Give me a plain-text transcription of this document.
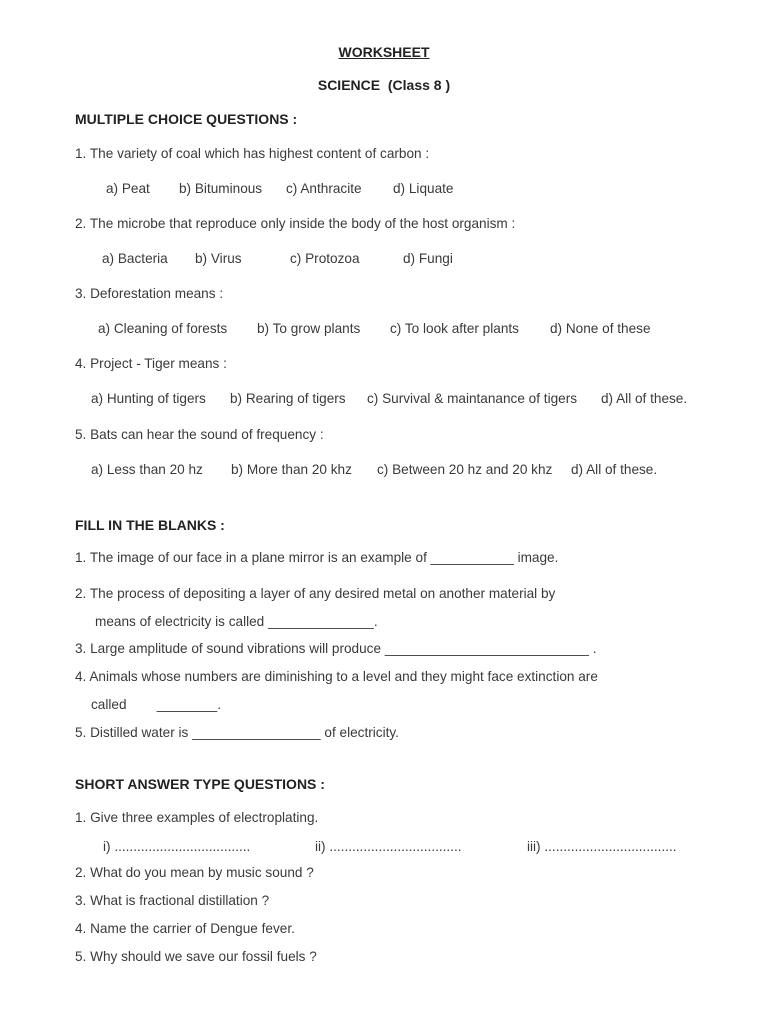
WORKSHEET
SCIENCE  (Class 8 )
MULTIPLE CHOICE QUESTIONS :
1. The variety of coal which has highest content of carbon :
a) Peat b) Bituminous c) Anthracite d) Liquate
2. The microbe that reproduce only inside the body of the host organism :
a) Bacteria b) Virus	c) Protozoa	d) Fungi
3. Deforestation means :
a) Cleaning of forests b) To grow plants c) To look after plants d) None of these
4. Project - Tiger means :
a) Hunting of tigers b) Rearing of tigers c) Survival & maintanance of tigers d) All of these.
5. Bats can hear the sound of frequency :
a) Less than 20 hz b) More than 20 khz c) Between 20 hz and 20 khz d) All of these.
FILL IN THE BLANKS :
1. The image of our face in a plane mirror is an example of ___________ image.
2. The process of depositing a layer of any desired metal on another material by
means of electricity is called ______________.
3. Large amplitude of sound vibrations will produce ___________________________ .
4. Animals whose numbers are diminishing to a level and they might face extinction are
called        ________.
5. Distilled water is _________________ of electricity.
SHORT ANSWER TYPE QUESTIONS :
1. Give three examples of electroplating.
i) ....................................	ii) ...................................	iii) ...................................
2. What do you mean by music sound ?
3. What is fractional distillation ?
4. Name the carrier of Dengue fever.
5. Why should we save our fossil fuels ?
